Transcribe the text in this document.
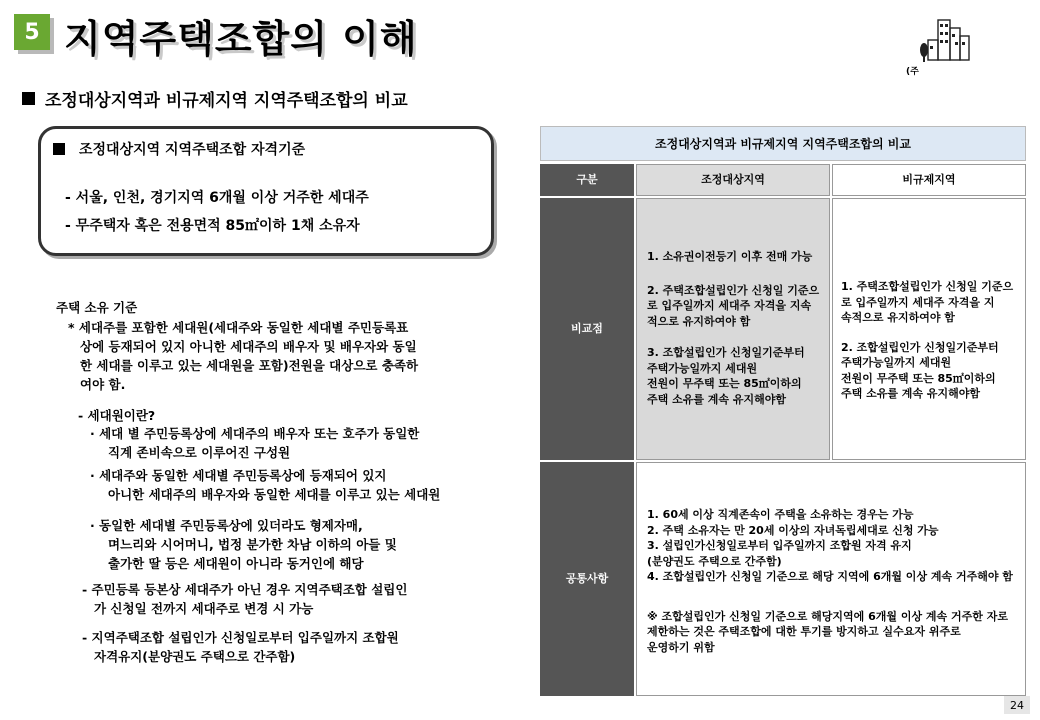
5 지역주택조합의 이해
(주
조정대상지역과 비규제지역 지역주택조합의 비교
조정대상지역 지역주택조합 자격기준
- 서울, 인천, 경기지역 6개월 이상 거주한 세대주
- 무주택자 혹은 전용면적 85㎡이하 1채 소유자
주택 소유 기준
* 세대주를 포함한 세대원(세대주와 동일한 세대별 주민등록표
상에 등재되어 있지 아니한 세대주의 배우자 및 배우자와 동일
한 세대를 이루고 있는 세대원을 포함)전원을 대상으로 충족하
여야 함.
- 세대원이란?
· 세대 별 주민등록상에 세대주의 배우자 또는 호주가 동일한
직계 존비속으로 이루어진 구성원
· 세대주와 동일한 세대별 주민등록상에 등재되어 있지
아니한 세대주의 배우자와 동일한 세대를 이루고 있는 세대원
· 동일한 세대별 주민등록상에 있더라도 형제자매,
며느리와 시어머니, 법정 분가한 차남 이하의 아들 및
출가한 딸 등은 세대원이 아니라 동거인에 해당
- 주민등록 등본상 세대주가 아닌 경우 지역주택조합 설립인
가 신청일 전까지 세대주로 변경 시 가능
- 지역주택조합 설립인가 신청일로부터 입주일까지 조합원
자격유지(분양권도 주택으로 간주함)
조정대상지역과 비규제지역 지역주택조합의 비교
구분	조정대상지역	비규제지역
비교점
1. 소유권이전등기 이후 전매 가능
2. 주택조합설립인가 신청일 기준으
로 입주일까지 세대주 자격을 지속
적으로 유지하여야 함
3. 조합설립인가 신청일기준부터
주택가능일까지 세대원
전원이 무주택 또는 85㎡이하의
주택 소유를 계속 유지해야함
1. 주택조합설립인가 신청일 기준으
로 입주일까지 세대주 자격을 지
속적으로 유지하여야 함
2. 조합설립인가 신청일기준부터
주택가능일까지 세대원
전원이 무주택 또는 85㎡이하의
주택 소유를 계속 유지해야함
공통사항
1. 60세 이상 직계존속이 주택을 소유하는 경우는 가능
2. 주택 소유자는 만 20세 이상의 자녀독립세대로 신청 가능
3. 설립인가신청일로부터 입주일까지 조합원 자격 유지
(분양권도 주택으로 간주함)
4. 조합설립인가 신청일 기준으로 해당 지역에 6개월 이상 계속 거주해야 함
※ 조합설립인가 신청일 기준으로 해당지역에 6개월 이상 계속 거주한 자로
제한하는 것은 주택조합에 대한 투기를 방지하고 실수요자 위주로
운영하기 위함
24
